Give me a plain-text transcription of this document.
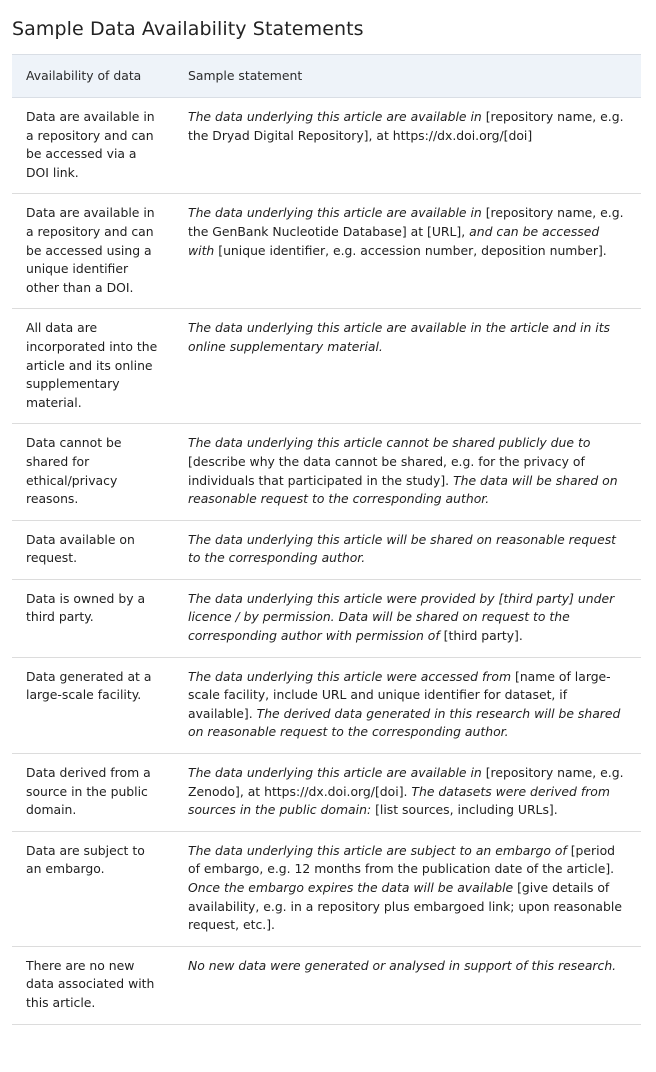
Sample Data Availability Statements
Availability of data	Sample statement
Data are available in a repository and can be accessed via a DOI link.	The data underlying this article are available in [repository name, e.g. the Dryad Digital Repository], at https://dx.doi.org/[doi]
Data are available in a repository and can be accessed using a unique identifier other than a DOI.	The data underlying this article are available in [repository name, e.g. the GenBank Nucleotide Database] at [URL], and can be accessed with [unique identifier, e.g. accession number, deposition number].
All data are incorporated into the article and its online supplementary material.	The data underlying this article are available in the article and in its online supplementary material.
Data cannot be shared for ethical/privacy reasons.	The data underlying this article cannot be shared publicly due to [describe why the data cannot be shared, e.g. for the privacy of individuals that participated in the study]. The data will be shared on reasonable request to the corresponding author.
Data available on request.	The data underlying this article will be shared on reasonable request to the corresponding author.
Data is owned by a third party.	The data underlying this article were provided by [third party] under licence / by permission. Data will be shared on request to the corresponding author with permission of [third party].
Data generated at a large-scale facility.	The data underlying this article were accessed from [name of large-scale facility, include URL and unique identifier for dataset, if available]. The derived data generated in this research will be shared on reasonable request to the corresponding author.
Data derived from a source in the public domain.	The data underlying this article are available in [repository name, e.g. Zenodo], at https://dx.doi.org/[doi]. The datasets were derived from sources in the public domain: [list sources, including URLs].
Data are subject to an embargo.	The data underlying this article are subject to an embargo of [period of embargo, e.g. 12 months from the publication date of the article]. Once the embargo expires the data will be available [give details of availability, e.g. in a repository plus embargoed link; upon reasonable request, etc.].
There are no new data associated with this article.	No new data were generated or analysed in support of this research.
